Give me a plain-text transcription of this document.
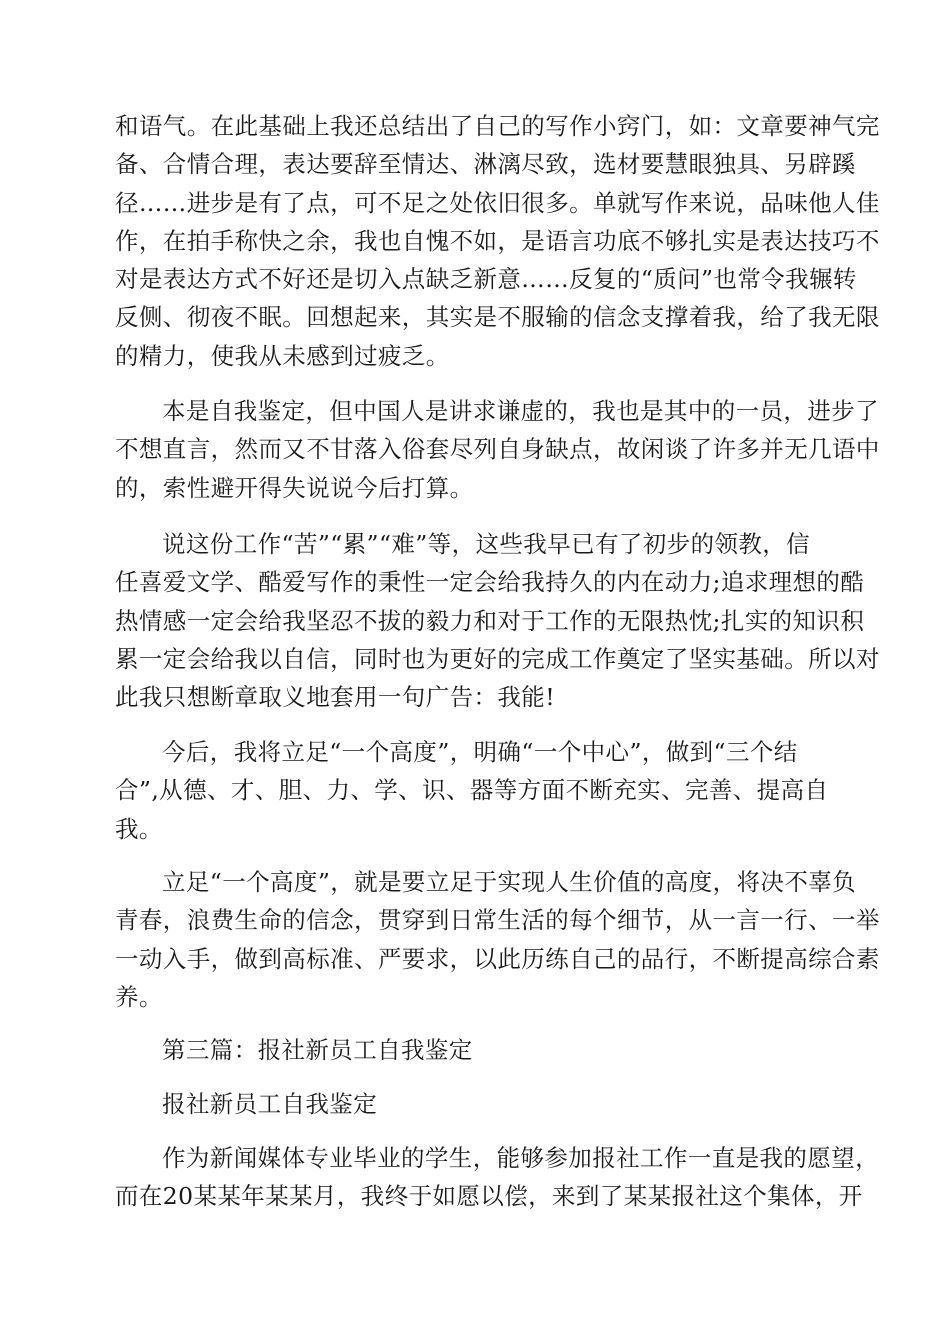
和语气。在此基础上我还总结出了自己的写作小窍门，如：文章要神气完
备、合情合理，表达要辞至情达、淋漓尽致，选材要慧眼独具、另辟蹊
径……进步是有了点，可不足之处依旧很多。单就写作来说，品味他人佳
作，在拍手称快之余，我也自愧不如，是语言功底不够扎实是表达技巧不
对是表达方式不好还是切入点缺乏新意……反复的“质问”也常令我辗转
反侧、彻夜不眠。回想起来，其实是不服输的信念支撑着我，给了我无限
的精力，使我从未感到过疲乏。
本是自我鉴定，但中国人是讲求谦虚的，我也是其中的一员，进步了
不想直言，然而又不甘落入俗套尽列自身缺点，故闲谈了许多并无几语中
的，索性避开得失说说今后打算。
说这份工作“苦”“累”“难”等，这些我早已有了初步的领教，信
任喜爱文学、酷爱写作的秉性一定会给我持久的内在动力;追求理想的酷
热情感一定会给我坚忍不拔的毅力和对于工作的无限热忱;扎实的知识积
累一定会给我以自信，同时也为更好的完成工作奠定了坚实基础。所以对
此我只想断章取义地套用一句广告：我能!
今后，我将立足“一个高度”，明确“一个中心”，做到“三个结
合”,从德、才、胆、力、学、识、器等方面不断充实、完善、提高自
我。
立足“一个高度”，就是要立足于实现人生价值的高度，将决不辜负
青春，浪费生命的信念，贯穿到日常生活的每个细节，从一言一行、一举
一动入手，做到高标准、严要求，以此历练自己的品行，不断提高综合素
养。
第三篇：报社新员工自我鉴定
报社新员工自我鉴定
作为新闻媒体专业毕业的学生，能够参加报社工作一直是我的愿望，
而在20某某年某某月，我终于如愿以偿，来到了某某报社这个集体，开
